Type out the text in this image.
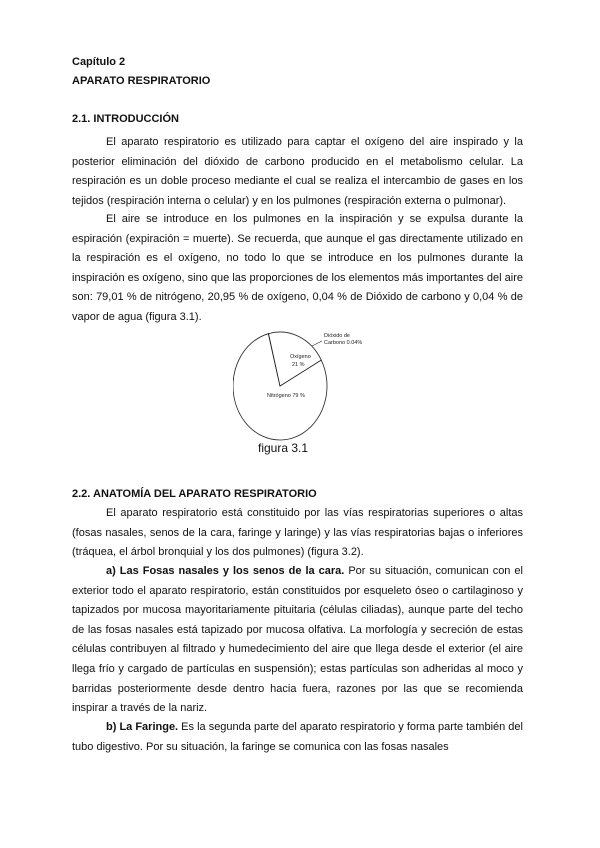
Capítulo 2
APARATO RESPIRATORIO
2.1. INTRODUCCIÓN

El aparato respiratorio es utilizado para captar el oxígeno del aire inspirado y la posterior eliminación del dióxido de carbono producido en el metabolismo celular. La respiración es un doble proceso mediante el cual se realiza el intercambio de gases en los tejidos (respiración interna o celular) y en los pulmones (respiración externa o pulmonar).

El aire se introduce en los pulmones en la inspiración y se expulsa durante la espiración (expiración = muerte). Se recuerda, que aunque el gas directamente utilizado en la respiración es el oxígeno, no todo lo que se introduce en los pulmones durante la inspiración es oxígeno, sino que las proporciones de los elementos más importantes del aire son: 79,01 % de nitrógeno, 20,95 % de oxígeno, 0,04 % de Dióxido de carbono y 0,04 % de vapor de agua (figura 3.1).

Nitrógeno 79 %
Oxígeno
21 %
Dióxido de
Carbono 0.04%
figura 3.1
2.2. ANATOMÍA DEL APARATO RESPIRATORIO

El aparato respiratorio está constituido por las vías respiratorias superiores o altas (fosas nasales, senos de la cara, faringe y laringe) y las vías respiratorias bajas o inferiores (tráquea, el árbol bronquial y los dos pulmones) (figura 3.2).

a) Las Fosas nasales y los senos de la cara. Por su situación, comunican con el exterior todo el aparato respiratorio, están constituidos por esqueleto óseo o cartilaginoso y tapizados por mucosa mayoritariamente pituitaria (células ciliadas), aunque parte del techo de las fosas nasales está tapizado por mucosa olfativa. La morfología y secreción de estas células contribuyen al filtrado y humedecimiento del aire que llega desde el exterior (el aire llega frío y cargado de partículas en suspensión); estas partículas son adheridas al moco y barridas posteriormente desde dentro hacia fuera, razones por las que se recomienda inspirar a través de la nariz.

b) La Faringe. Es la segunda parte del aparato respiratorio y forma parte también del tubo digestivo. Por su situación, la faringe se comunica con las fosas nasales
